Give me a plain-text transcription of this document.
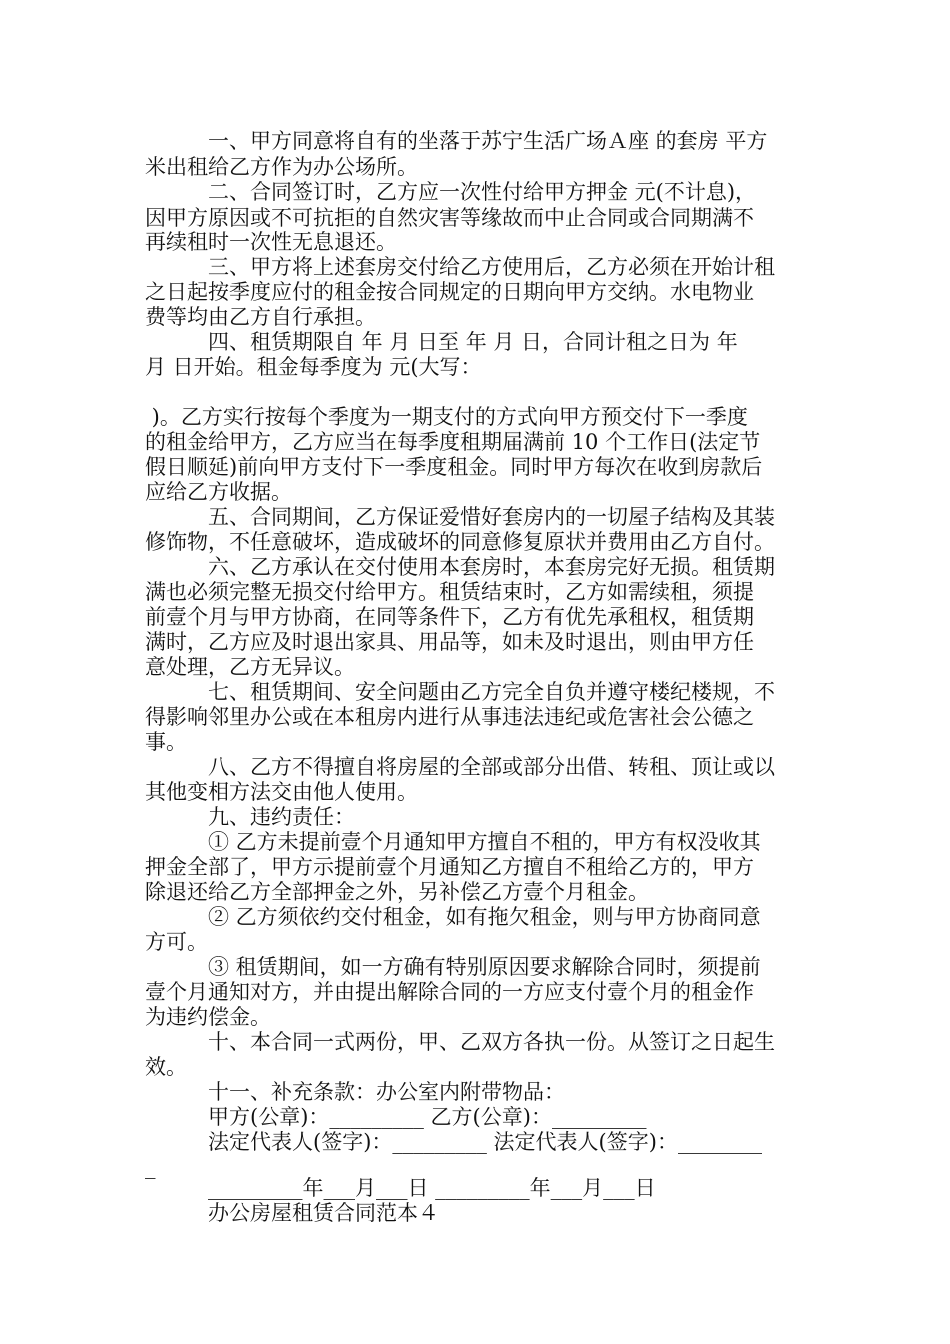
　　　一、甲方同意将自有的坐落于苏宁生活广场Ａ座 的套房 平方
米出租给乙方作为办公场所。
　　　二、合同签订时，乙方应一次性付给甲方押金 元(不计息)，
因甲方原因或不可抗拒的自然灾害等缘故而中止合同或合同期满不
再续租时一次性无息退还。
　　　三、甲方将上述套房交付给乙方使用后，乙方必须在开始计租
之日起按季度应付的租金按合同规定的日期向甲方交纳。水电物业
费等均由乙方自行承担。
　　　四、租赁期限自 年 月 日至 年 月 日，合同计租之日为 年
月 日开始。租金每季度为 元(大写：
)。乙方实行按每个季度为一期支付的方式向甲方预交付下一季度
的租金给甲方，乙方应当在每季度租期届满前 10 个工作日(法定节
假日顺延)前向甲方支付下一季度租金。同时甲方每次在收到房款后
应给乙方收据。
　　　五、合同期间，乙方保证爱惜好套房内的一切屋子结构及其装
修饰物，不任意破坏，造成破坏的同意修复原状并费用由乙方自付。
　　　六、乙方承认在交付使用本套房时，本套房完好无损。租赁期
满也必须完整无损交付给甲方。租赁结束时，乙方如需续租，须提
前壹个月与甲方协商，在同等条件下，乙方有优先承租权，租赁期
满时，乙方应及时退出家具、用品等，如未及时退出，则由甲方任
意处理，乙方无异议。
　　　七、租赁期间、安全问题由乙方完全自负并遵守楼纪楼规，不
得影响邻里办公或在本租房内进行从事违法违纪或危害社会公德之
事。
　　　八、乙方不得擅自将房屋的全部或部分出借、转租、顶让或以
其他变相方法交由他人使用。
　　　九、违约责任：
　　　① 乙方未提前壹个月通知甲方擅自不租的，甲方有权没收其
押金全部了，甲方示提前壹个月通知乙方擅自不租给乙方的，甲方
除退还给乙方全部押金之外，另补偿乙方壹个月租金。
　　　② 乙方须依约交付租金，如有拖欠租金，则与甲方协商同意
方可。
　　　③ 租赁期间，如一方确有特别原因要求解除合同时，须提前
壹个月通知对方，并由提出解除合同的一方应支付壹个月的租金作
为违约偿金。
　　　十、本合同一式两份，甲、乙双方各执一份。从签订之日起生
效。
　　　十一、补充条款：办公室内附带物品：
　　　甲方(公章)：_________ 乙方(公章)：_________
　　　法定代表人(签字)：_________ 法定代表人(签字)：________
_
　　　_________年___月___日 _________年___月___日
　　　办公房屋租赁合同范本４
